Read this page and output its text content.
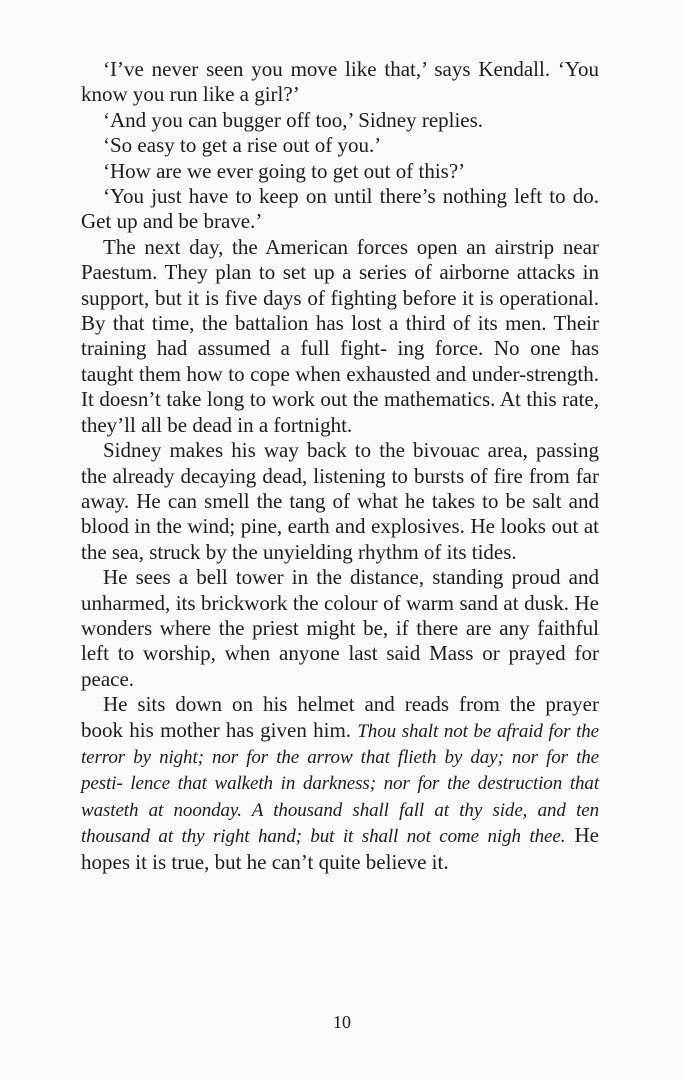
‘I’ve never seen you move like that,’ says Kendall. ‘You know you run like a girl?’

‘And you can bugger off too,’ Sidney replies.

‘So easy to get a rise out of you.’

‘How are we ever going to get out of this?’

‘You just have to keep on until there’s nothing left to do. Get up and be brave.’

The next day, the American forces open an airstrip near Paestum. They plan to set up a series of airborne attacks in support, but it is five days of fighting before it is operational. By that time, the battalion has lost a third of its men. Their training had assumed a full fight- ing force. No one has taught them how to cope when exhausted and under-strength. It doesn’t take long to work out the mathematics. At this rate, they’ll all be dead in a fortnight.

Sidney makes his way back to the bivouac area, passing the already decaying dead, listening to bursts of fire from far away. He can smell the tang of what he takes to be salt and blood in the wind; pine, earth and explosives. He looks out at the sea, struck by the unyielding rhythm of its tides.

He sees a bell tower in the distance, standing proud and unharmed, its brickwork the colour of warm sand at dusk. He wonders where the priest might be, if there are any faithful left to worship, when anyone last said Mass or prayed for peace.

He sits down on his helmet and reads from the prayer book his mother has given him. Thou shalt not be afraid for the terror by night; nor for the arrow that flieth by day; nor for the pesti- lence that walketh in darkness; nor for the destruction that wasteth at noonday. A thousand shall fall at thy side, and ten thousand at thy right hand; but it shall not come nigh thee. He hopes it is true, but he can’t quite believe it.

10
